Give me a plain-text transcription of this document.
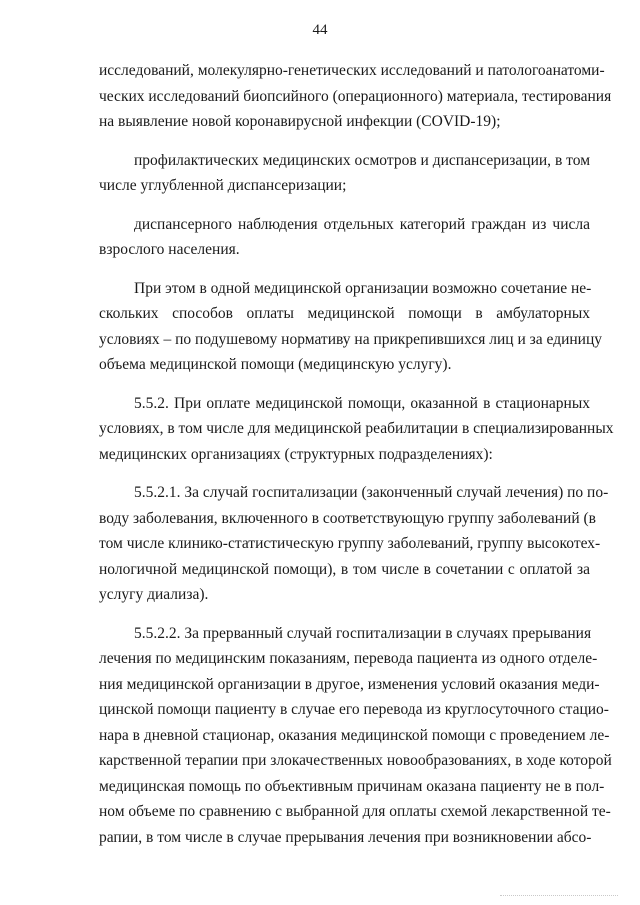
44
исследований, молекулярно-генетических исследований и патологоанатоми-
ческих исследований биопсийного (операционного) материала, тестирования
на выявление новой коронавирусной инфекции (COVID-19);
профилактических медицинских осмотров и диспансеризации, в том
числе углубленной диспансеризации;
диспансерного наблюдения отдельных категорий граждан из числа
взрослого населения.
При этом в одной медицинской организации возможно сочетание не-
скольких способов оплаты медицинской помощи в амбулаторных
условиях – по подушевому нормативу на прикрепившихся лиц и за единицу
объема медицинской помощи (медицинскую услугу).
5.5.2. При оплате медицинской помощи, оказанной в стационарных
условиях, в том числе для медицинской реабилитации в специализированных
медицинских организациях (структурных подразделениях):
5.5.2.1. За случай госпитализации (законченный случай лечения) по по-
воду заболевания, включенного в соответствующую группу заболеваний (в
том числе клинико-статистическую группу заболеваний, группу высокотех-
нологичной медицинской помощи), в том числе в сочетании с оплатой за
услугу диализа).
5.5.2.2. За прерванный случай госпитализации в случаях прерывания
лечения по медицинским показаниям, перевода пациента из одного отделе-
ния медицинской организации в другое, изменения условий оказания меди-
цинской помощи пациенту в случае его перевода из круглосуточного стацио-
нара в дневной стационар, оказания медицинской помощи с проведением ле-
карственной терапии при злокачественных новообразованиях, в ходе которой
медицинская помощь по объективным причинам оказана пациенту не в пол-
ном объеме по сравнению с выбранной для оплаты схемой лекарственной те-
рапии, в том числе в случае прерывания лечения при возникновении абсо-
